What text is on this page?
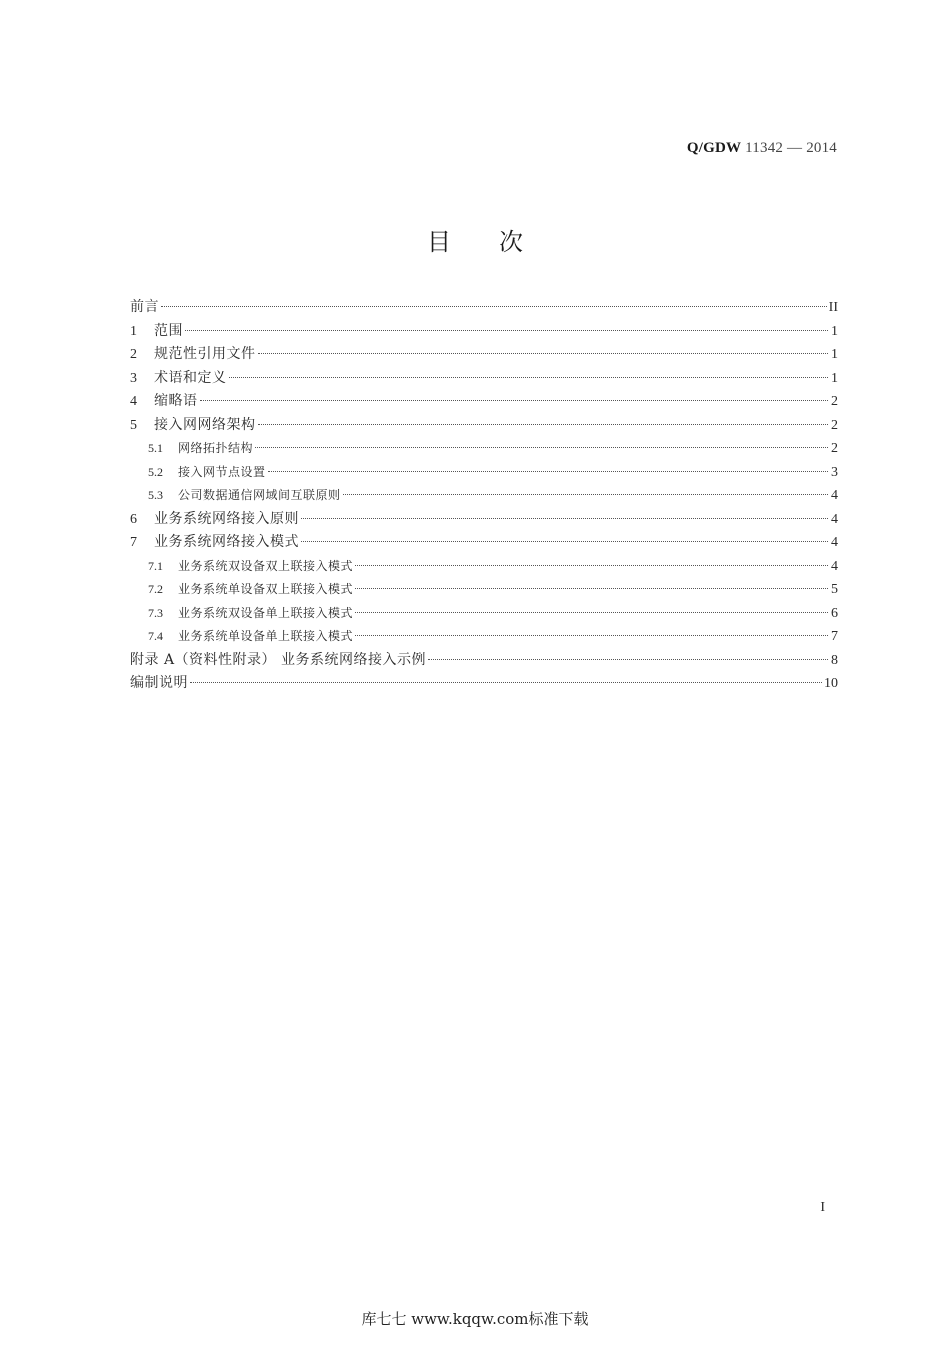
Q/GDW 11342 — 2014
目次
前言	II
1	范围	1
2	规范性引用文件	1
3	术语和定义	1
4	缩略语	2
5	接入网网络架构	2
5.1	网络拓扑结构	2
5.2	接入网节点设置	3
5.3	公司数据通信网域间互联原则	4
6	业务系统网络接入原则	4
7	业务系统网络接入模式	4
7.1	业务系统双设备双上联接入模式	4
7.2	业务系统单设备双上联接入模式	5
7.3	业务系统双设备单上联接入模式	6
7.4	业务系统单设备单上联接入模式	7
附录 A（资料性附录） 业务系统网络接入示例	8
编制说明	10
I
库七七 www.kqqw.com标准下载
